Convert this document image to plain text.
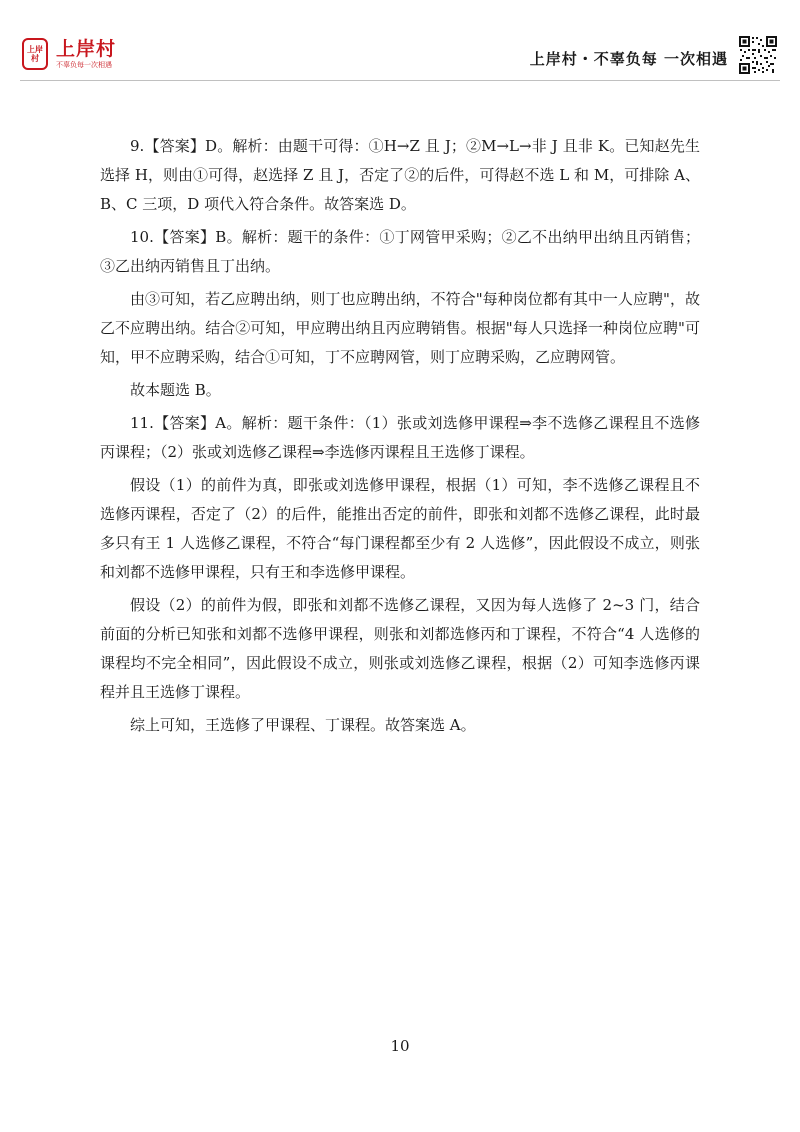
上岸村 上岸村
不辜负每一次相遇	上岸村・不辜负每 一次相遇

9.【答案】D。解析：由题干可得：①H→Z 且 J；②M→L→非 J 且非 K。已知赵先生选择 H，则由①可得，赵选择 Z 且 J，否定了②的后件，可得赵不选 L 和 M，可排除 A、B、C 三项，D 项代入符合条件。故答案选 D。

10.【答案】B。解析：题干的条件：①丁网管甲采购；②乙不出纳甲出纳且丙销售；③乙出纳丙销售且丁出纳。

由③可知，若乙应聘出纳，则丁也应聘出纳，不符合"每种岗位都有其中一人应聘"，故乙不应聘出纳。结合②可知，甲应聘出纳且丙应聘销售。根据"每人只选择一种岗位应聘"可知，甲不应聘采购，结合①可知，丁不应聘网管，则丁应聘采购，乙应聘网管。

故本题选 B。

11.【答案】A。解析：题干条件：（1）张或刘选修甲课程⇒李不选修乙课程且不选修丙课程；（2）张或刘选修乙课程⇒李选修丙课程且王选修丁课程。

假设（1）的前件为真，即张或刘选修甲课程，根据（1）可知，李不选修乙课程且不选修丙课程，否定了（2）的后件，能推出否定的前件，即张和刘都不选修乙课程，此时最多只有王 1 人选修乙课程，不符合“每门课程都至少有 2 人选修”，因此假设不成立，则张和刘都不选修甲课程，只有王和李选修甲课程。

假设（2）的前件为假，即张和刘都不选修乙课程，又因为每人选修了 2~3 门，结合前面的分析已知张和刘都不选修甲课程，则张和刘都选修丙和丁课程，不符合“4 人选修的课程均不完全相同”，因此假设不成立，则张或刘选修乙课程，根据（2）可知李选修丙课程并且王选修丁课程。

综上可知，王选修了甲课程、丁课程。故答案选 A。

10
